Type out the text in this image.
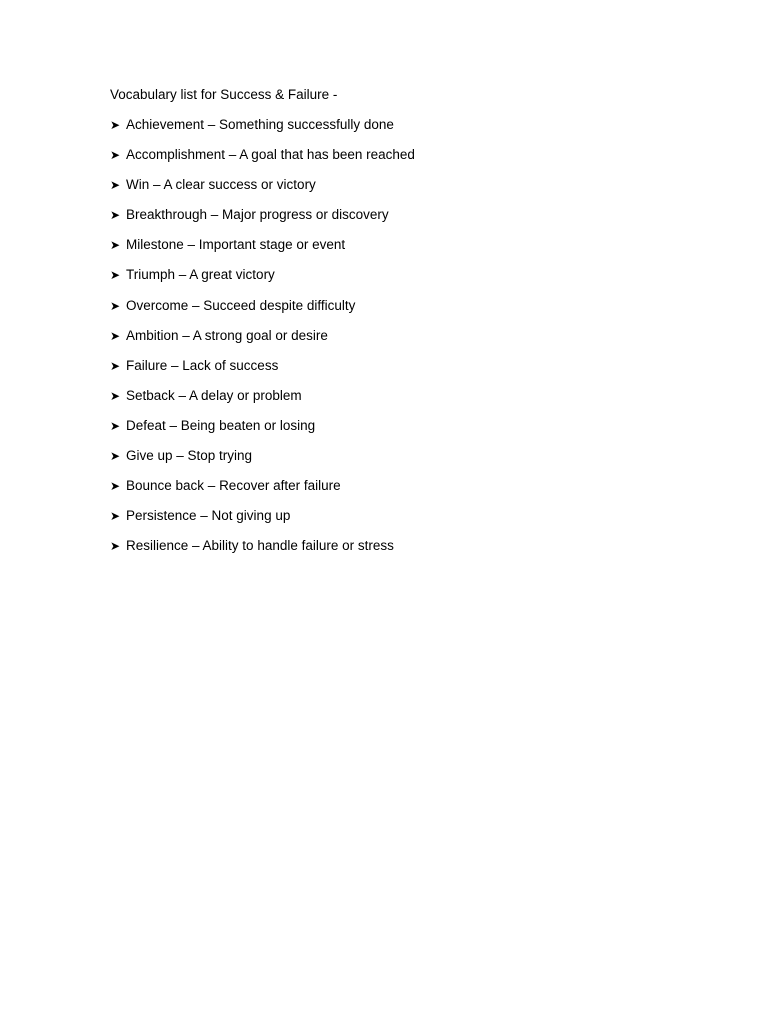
Vocabulary list for Success & Failure -
➤ Achievement – Something successfully done
➤ Accomplishment – A goal that has been reached
➤ Win – A clear success or victory
➤ Breakthrough – Major progress or discovery
➤ Milestone – Important stage or event
➤ Triumph – A great victory
➤ Overcome – Succeed despite difficulty
➤ Ambition – A strong goal or desire
➤ Failure – Lack of success
➤ Setback – A delay or problem
➤ Defeat – Being beaten or losing
➤ Give up – Stop trying
➤ Bounce back – Recover after failure
➤ Persistence – Not giving up
➤ Resilience – Ability to handle failure or stress
